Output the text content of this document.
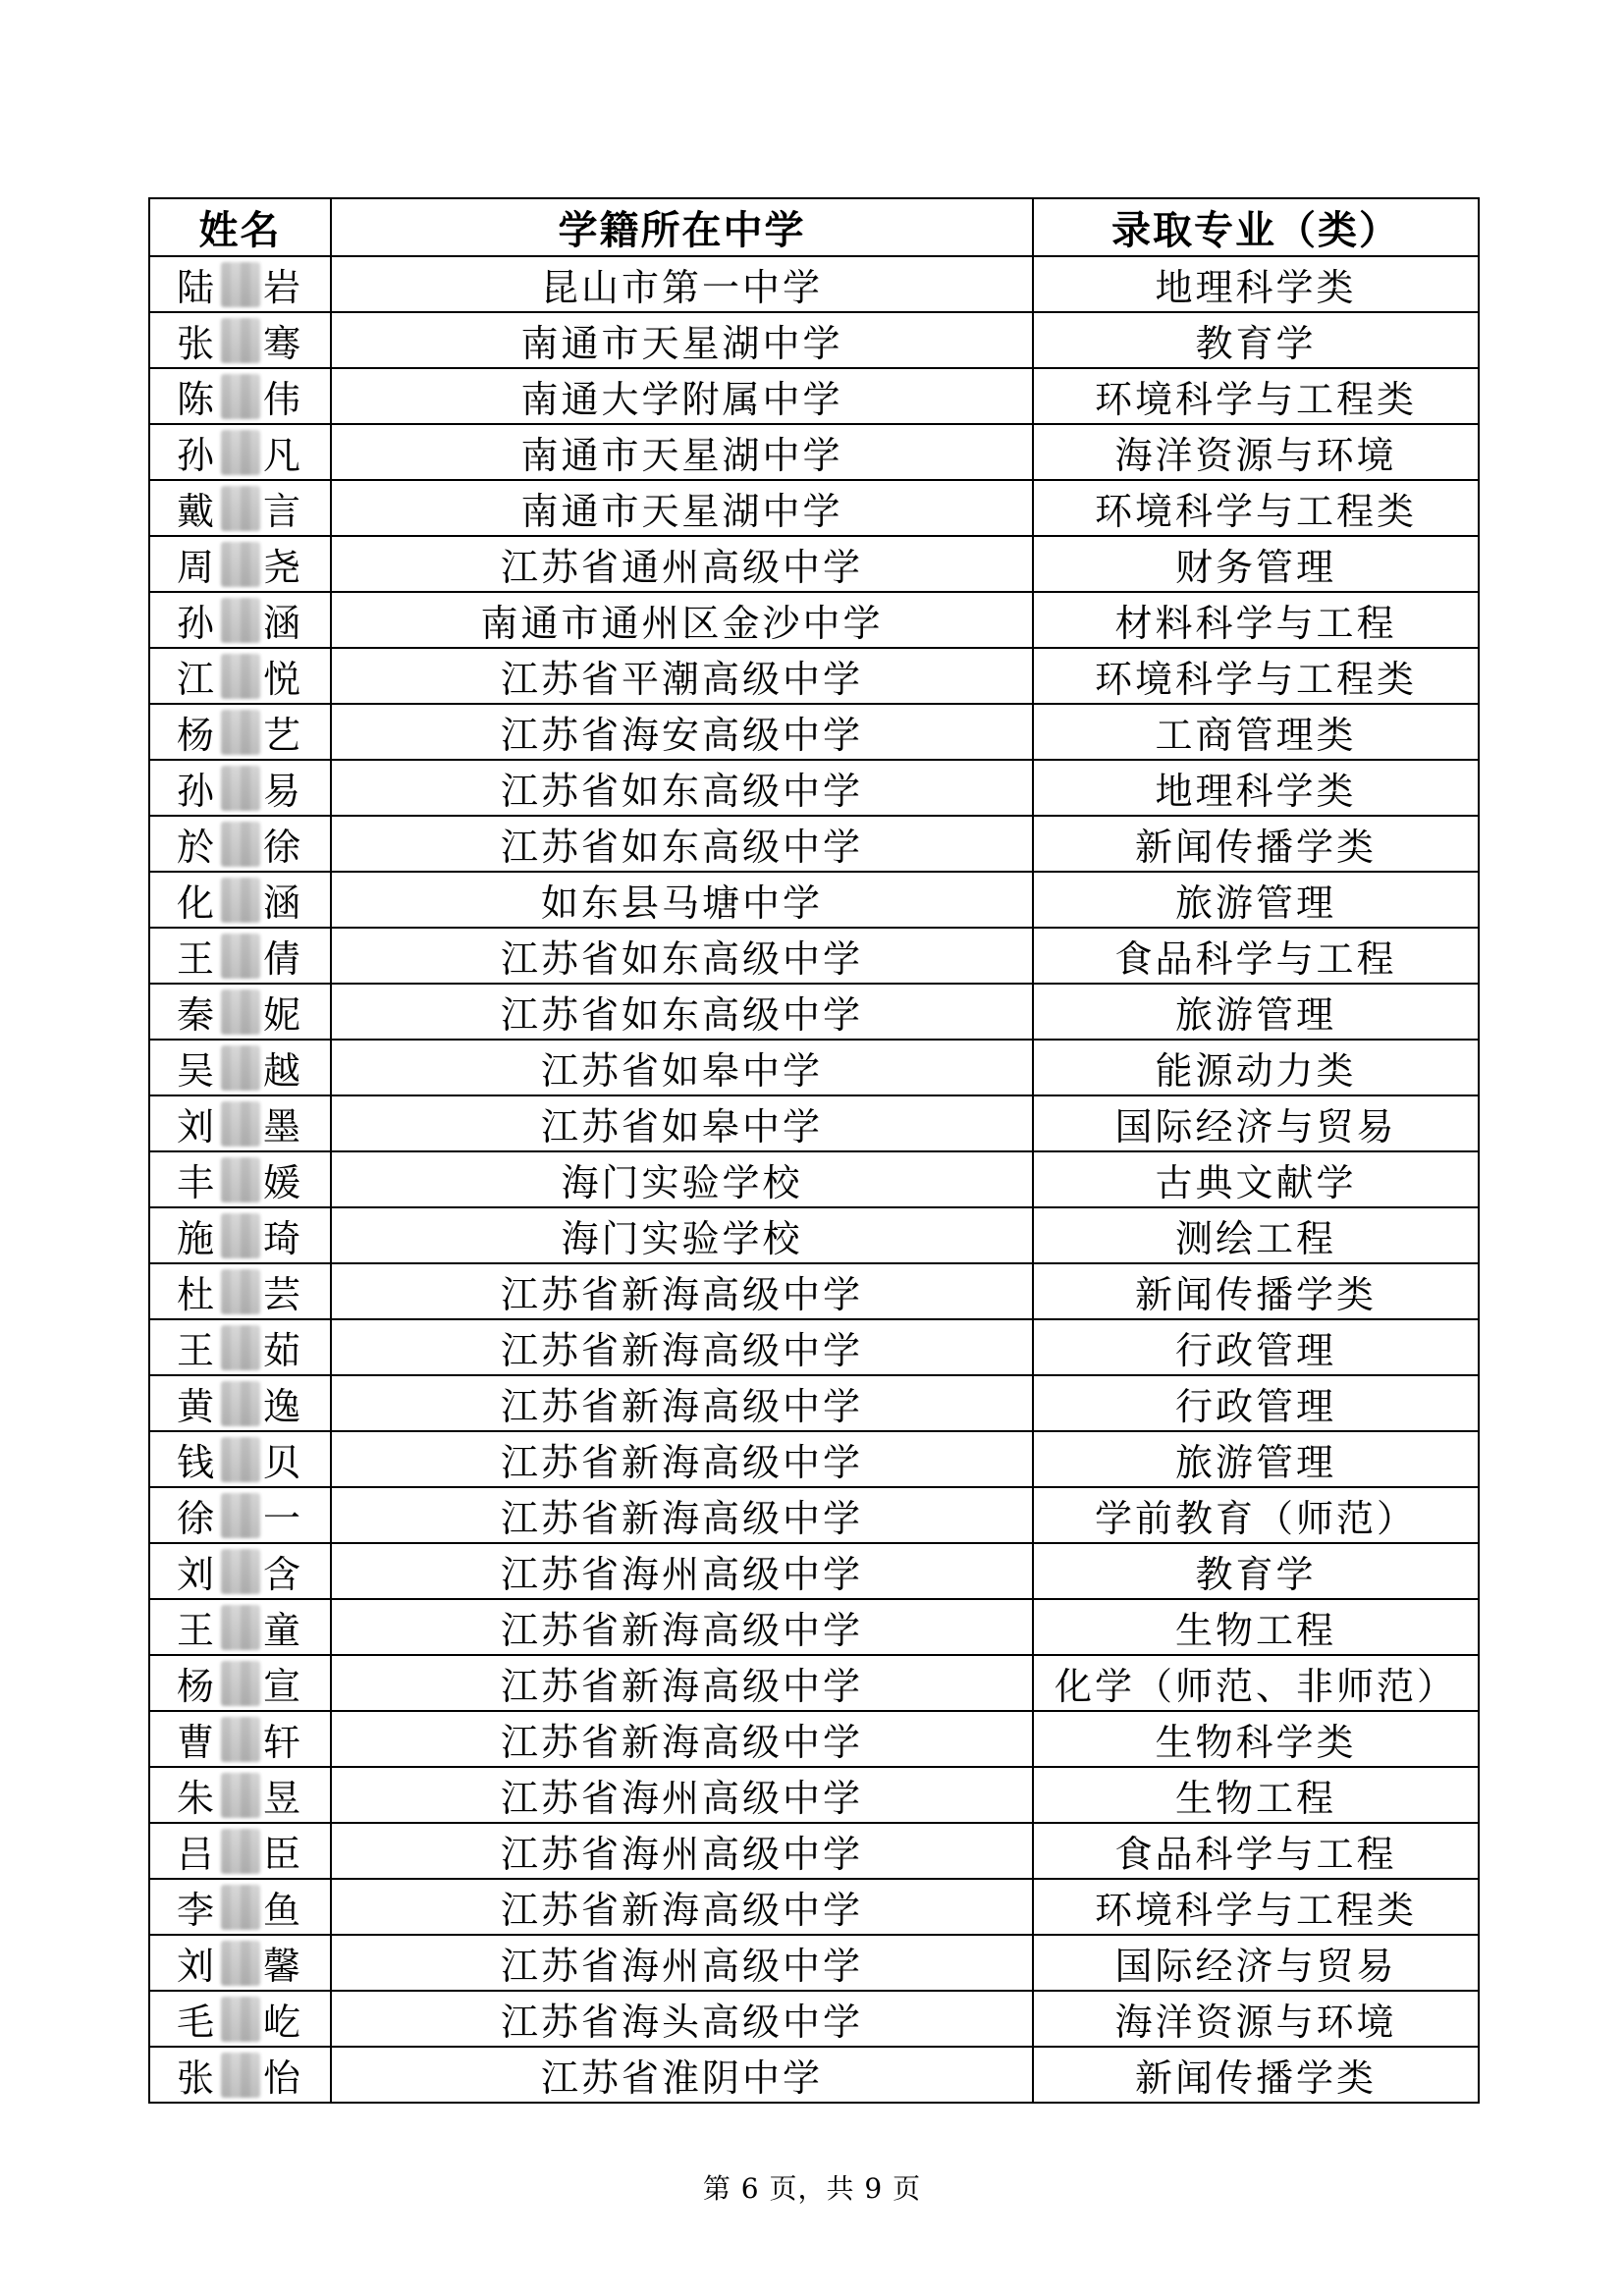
姓名	学籍所在中学	录取专业（类）

陆 岩	昆山市第一中学	地理科学类

张 骞	南通市天星湖中学	教育学

陈 伟	南通大学附属中学	环境科学与工程类

孙 凡	南通市天星湖中学	海洋资源与环境

戴 言	南通市天星湖中学	环境科学与工程类

周 尧	江苏省通州高级中学	财务管理

孙 涵	南通市通州区金沙中学	材料科学与工程

江 悦	江苏省平潮高级中学	环境科学与工程类

杨 艺	江苏省海安高级中学	工商管理类

孙 易	江苏省如东高级中学	地理科学类

於 徐	江苏省如东高级中学	新闻传播学类

化 涵	如东县马塘中学	旅游管理

王 倩	江苏省如东高级中学	食品科学与工程

秦 妮	江苏省如东高级中学	旅游管理

吴 越	江苏省如皋中学	能源动力类

刘 墨	江苏省如皋中学	国际经济与贸易

丰 媛	海门实验学校	古典文献学

施 琦	海门实验学校	测绘工程

杜 芸	江苏省新海高级中学	新闻传播学类

王 茹	江苏省新海高级中学	行政管理

黄 逸	江苏省新海高级中学	行政管理

钱 贝	江苏省新海高级中学	旅游管理

徐 一	江苏省新海高级中学	学前教育（师范）

刘 含	江苏省海州高级中学	教育学

王 童	江苏省新海高级中学	生物工程

杨 宣	江苏省新海高级中学	化学（师范、非师范）

曹 轩	江苏省新海高级中学	生物科学类

朱 昱	江苏省海州高级中学	生物工程

吕 臣	江苏省海州高级中学	食品科学与工程

李 鱼	江苏省新海高级中学	环境科学与工程类

刘 馨	江苏省海州高级中学	国际经济与贸易

毛 屹	江苏省海头高级中学	海洋资源与环境

张 怡	江苏省淮阴中学	新闻传播学类
第 6 页，共 9 页
